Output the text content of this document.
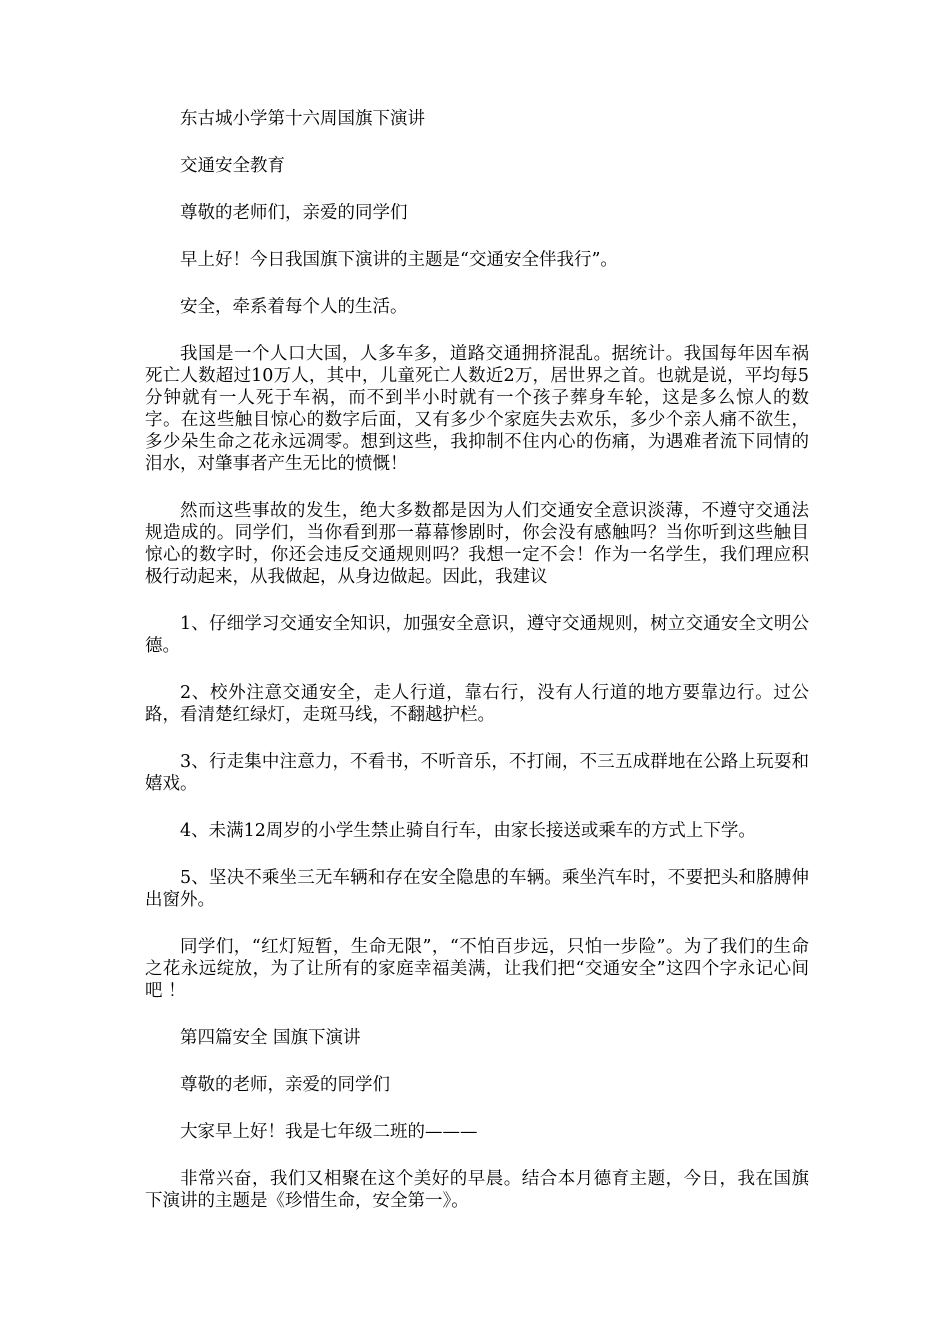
东古城小学第十六周国旗下演讲

交通安全教育

尊敬的老师们，亲爱的同学们

早上好！今日我国旗下演讲的主题是“交通安全伴我行”。

安全，牵系着每个人的生活。

我国是一个人口大国，人多车多，道路交通拥挤混乱。据统计。我国每年因车祸死亡人数超过10万人，其中，儿童死亡人数近2万，居世界之首。也就是说，平均每5分钟就有一人死于车祸，而不到半小时就有一个孩子葬身车轮，这是多么惊人的数字。在这些触目惊心的数字后面，又有多少个家庭失去欢乐，多少个亲人痛不欲生，多少朵生命之花永远凋零。想到这些，我抑制不住内心的伤痛，为遇难者流下同情的泪水，对肇事者产生无比的愤慨！

然而这些事故的发生，绝大多数都是因为人们交通安全意识淡薄，不遵守交通法规造成的。同学们，当你看到那一幕幕惨剧时，你会没有感触吗？当你听到这些触目惊心的数字时，你还会违反交通规则吗？我想一定不会！作为一名学生，我们理应积极行动起来，从我做起，从身边做起。因此，我建议

1、仔细学习交通安全知识，加强安全意识，遵守交通规则，树立交通安全文明公德。

2、校外注意交通安全，走人行道，靠右行，没有人行道的地方要靠边行。过公路，看清楚红绿灯，走斑马线，不翻越护栏。

3、行走集中注意力，不看书，不听音乐，不打闹，不三五成群地在公路上玩耍和嬉戏。

4、未满12周岁的小学生禁止骑自行车，由家长接送或乘车的方式上下学。

5、坚决不乘坐三无车辆和存在安全隐患的车辆。乘坐汽车时，不要把头和胳膊伸出窗外。

同学们，“红灯短暂，生命无限”，“不怕百步远，只怕一步险”。为了我们的生命之花永远绽放，为了让所有的家庭幸福美满，让我们把“交通安全”这四个字永记心间吧 ！

第四篇安全 国旗下演讲

尊敬的老师，亲爱的同学们

大家早上好！我是七年级二班的———

非常兴奋，我们又相聚在这个美好的早晨。结合本月德育主题，今日，我在国旗下演讲的主题是《珍惜生命，安全第一》。
